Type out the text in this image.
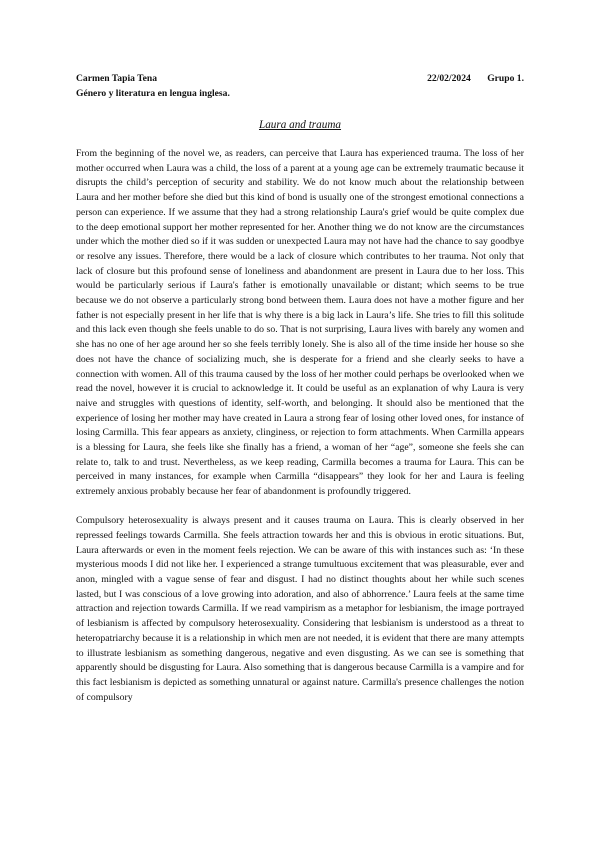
Carmen Tapia Tena	22/02/2024 Grupo 1.
Género y literatura en lengua inglesa.
Laura and trauma

From the beginning of the novel we, as readers, can perceive that Laura has experienced trauma. The loss of her mother occurred when Laura was a child, the loss of a parent at a young age can be extremely traumatic because it disrupts the child’s perception of security and stability. We do not know much about the relationship between Laura and her mother before she died but this kind of bond is usually one of the strongest emotional connections a person can experience. If we assume that they had a strong relationship Laura's grief would be quite complex due to the deep emotional support her mother represented for her. Another thing we do not know are the circumstances under which the mother died so if it was sudden or unexpected Laura may not have had the chance to say goodbye or resolve any issues. Therefore, there would be a lack of closure which contributes to her trauma. Not only that lack of closure but this profound sense of loneliness and abandonment are present in Laura due to her loss. This would be particularly serious if Laura's father is emotionally unavailable or distant; which seems to be true because we do not observe a particularly strong bond between them. Laura does not have a mother figure and her father is not especially present in her life that is why there is a big lack in Laura’s life. She tries to fill this solitude and this lack even though she feels unable to do so. That is not surprising, Laura lives with barely any women and she has no one of her age around her so she feels terribly lonely. She is also all of the time inside her house so she does not have the chance of socializing much, she is desperate for a friend and she clearly seeks to have a connection with women. All of this trauma caused by the loss of her mother could perhaps be overlooked when we read the novel, however it is crucial to acknowledge it. It could be useful as an explanation of why Laura is very naive and struggles with questions of identity, self-worth, and belonging. It should also be mentioned that the experience of losing her mother may have created in Laura a strong fear of losing other loved ones, for instance of losing Carmilla. This fear appears as anxiety, clinginess, or rejection to form attachments. When Carmilla appears is a blessing for Laura, she feels like she finally has a friend, a woman of her “age”, someone she feels she can relate to, talk to and trust. Nevertheless, as we keep reading, Carmilla becomes a trauma for Laura. This can be perceived in many instances, for example when Carmilla “disappears” they look for her and Laura is feeling extremely anxious probably because her fear of abandonment is profoundly triggered.

Compulsory heterosexuality is always present and it causes trauma on Laura. This is clearly observed in her repressed feelings towards Carmilla. She feels attraction towards her and this is obvious in erotic situations. But, Laura afterwards or even in the moment feels rejection. We can be aware of this with instances such as: ‘In these mysterious moods I did not like her. I experienced a strange tumultuous excitement that was pleasurable, ever and anon, mingled with a vague sense of fear and disgust. I had no distinct thoughts about her while such scenes lasted, but I was conscious of a love growing into adoration, and also of abhorrence.’ Laura feels at the same time attraction and rejection towards Carmilla. If we read vampirism as a metaphor for lesbianism, the image portrayed of lesbianism is affected by compulsory heterosexuality. Considering that lesbianism is understood as a threat to heteropatriarchy because it is a relationship in which men are not needed, it is evident that there are many attempts to illustrate lesbianism as something dangerous, negative and even disgusting. As we can see is something that apparently should be disgusting for Laura. Also something that is dangerous because Carmilla is a vampire and for this fact lesbianism is depicted as something unnatural or against nature. Carmilla's presence challenges the notion of compulsory
